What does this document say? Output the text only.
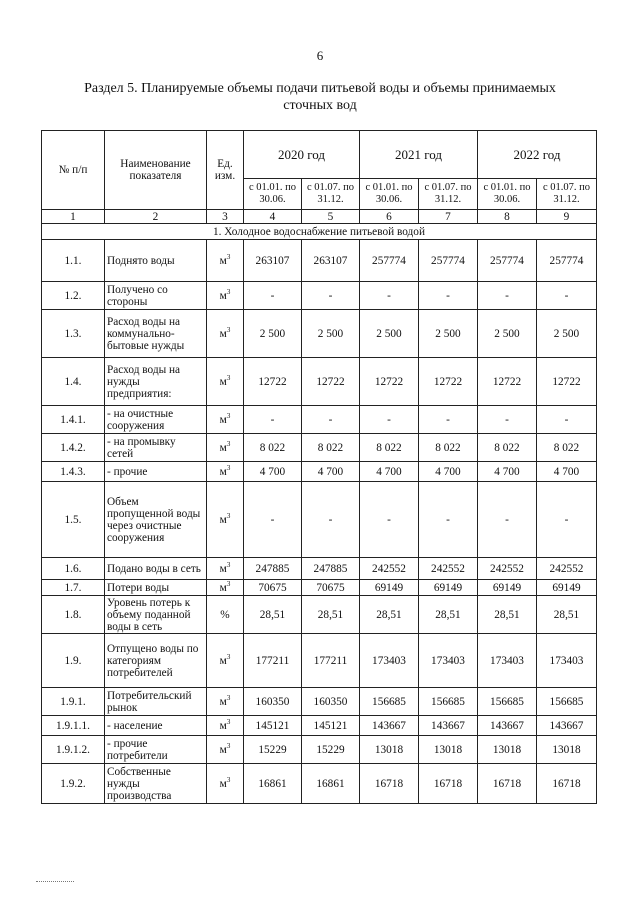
6
Раздел 5. Планируемые объемы подачи питьевой воды и объемы принимаемых сточных вод
№ п/п	Наименование показателя	Ед. изм.	2020 год		2021 год		2022 год	
			с 01.01. по 30.06.	с 01.07. по 31.12.	с 01.01. по 30.06.	с 01.07. по 31.12.	с 01.01. по 30.06.	с 01.07. по 31.12.
1	2	3	4	5	6	7	8	9
1. Холодное водоснабжение питьевой водой								
1.1.	Поднято воды	$м^3$	263107	263107	257774	257774	257774	257774
1.2.	Получено со стороны	$м^3$	-	-	-	-	-	-
1.3.	Расход воды на коммунально-бытовые нужды	$м^3$	2 500	2 500	2 500	2 500	2 500	2 500
1.4.	Расход воды на нужды предприятия:	$м^3$	12722	12722	12722	12722	12722	12722
1.4.1.	- на очистные сооружения	$м^3$	-	-	-	-	-	-
1.4.2.	- на промывку сетей	$м^3$	8 022	8 022	8 022	8 022	8 022	8 022
1.4.3.	- прочие	$м^3$	4 700	4 700	4 700	4 700	4 700	4 700
1.5.	Объем пропущенной воды через очистные сооружения	$м^3$	-	-	-	-	-	-
1.6.	Подано воды в сеть	$м^3$	247885	247885	242552	242552	242552	242552
1.7.	Потери воды	$м^3$	70675	70675	69149	69149	69149	69149
1.8.	Уровень потерь к объему поданной воды в сеть	%	28,51	28,51	28,51	28,51	28,51	28,51
1.9.	Отпущено воды по категориям потребителей	$м^3$	177211	177211	173403	173403	173403	173403
1.9.1.	Потребительский рынок	$м^3$	160350	160350	156685	156685	156685	156685
1.9.1.1.	- население	$м^3$	145121	145121	143667	143667	143667	143667
1.9.1.2.	- прочие потребители	$м^3$	15229	15229	13018	13018	13018	13018
1.9.2.	Собственные нужды производства	$м^3$	16861	16861	16718	16718	16718	16718
